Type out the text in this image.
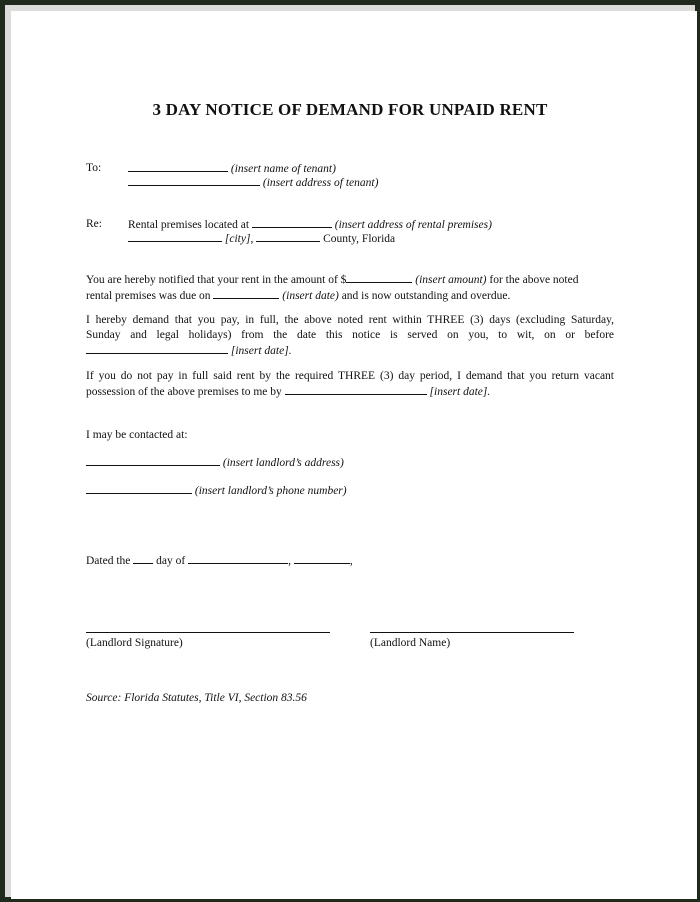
3 DAY NOTICE OF DEMAND FOR UNPAID RENT
To:	(insert name of tenant)
(insert address of tenant)
Re: Rental premises located at	(insert address of rental premises)
[city],	County, Florida
You are hereby notified that your rent in the amount of $	(insert amount) for the above noted
rental premises was due on	(insert date) and is now outstanding and overdue.
I hereby demand that you pay, in full, the above noted rent within THREE (3) days (excluding Saturday,
Sunday and legal holidays) from the date this notice is served on you, to wit, on or before
[insert date].
If you do not pay in full said rent by the required THREE (3) day period, I demand that you return vacant
possession of the above premises to me by	[insert date].
I may be contacted at:
(insert landlord’s address)
(insert landlord’s phone number)
Dated the day of	,	,
(Landlord Signature)	(Landlord Name)
Source: Florida Statutes, Title VI, Section 83.56
